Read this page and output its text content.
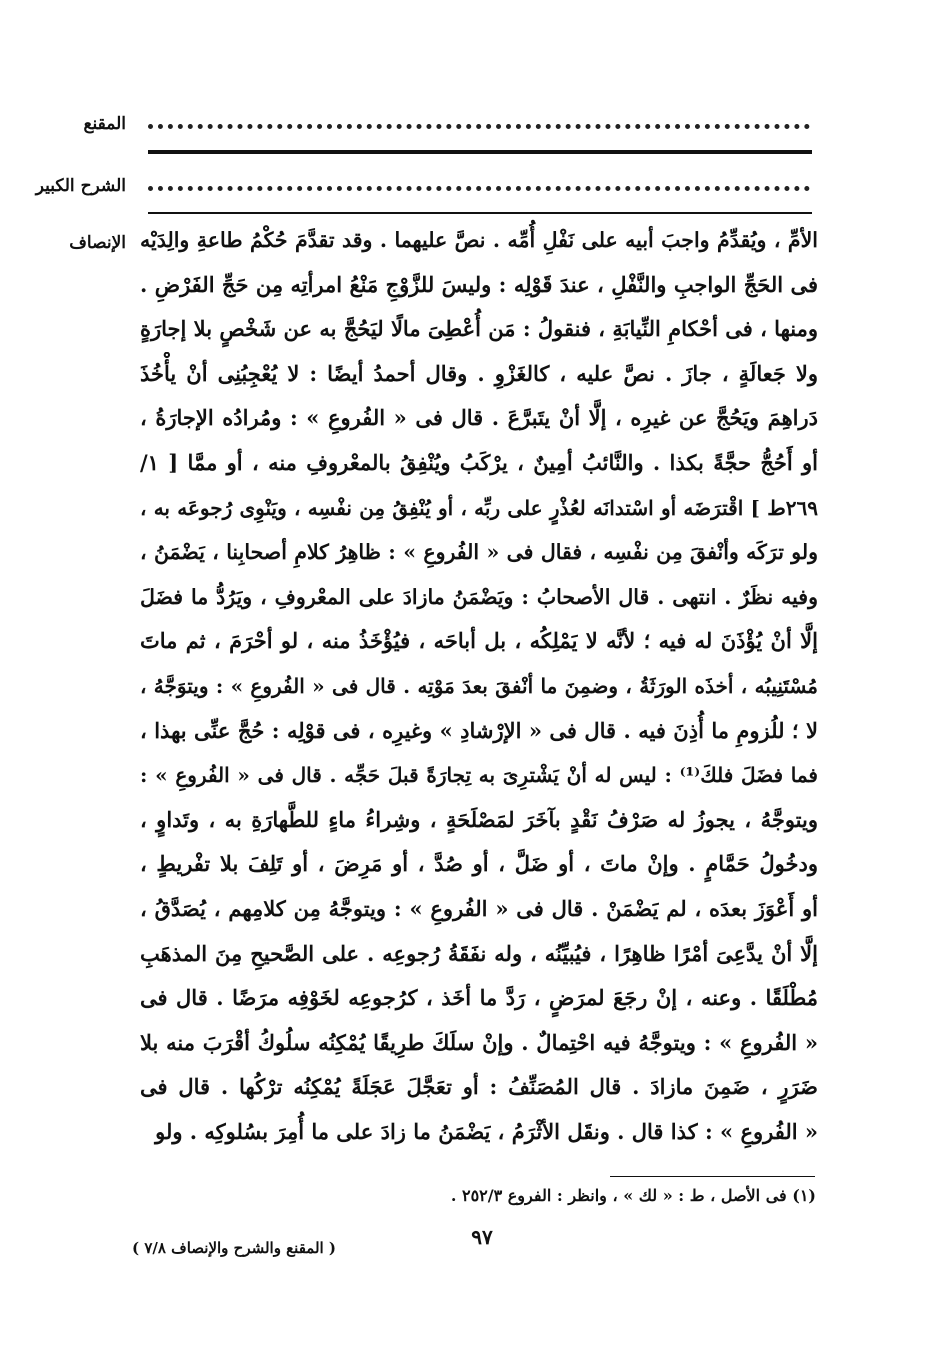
المقنع
الشرح الكبير
الإنصاف الأمِّ ، ويُقدِّمُ واجبَ أبيه على نَفْلِ أُمِّه . نصَّ عليهما . وقد تقدَّمَ حُكْمُ طاعةِ والِدَيْه
فى الحَجِّ الواجبِ والنَّفْلِ ، عندَ قَوْلِه : وليسَ للزَّوْجِ مَنْعُ امرأتِه مِن حَجِّ الفَرْضِ .
ومنها ، فى أحْكامِ النِّيابَةِ ، فنقولُ : مَن أُعْطِىَ مالًا ليَحُجَّ به عن شَخْصٍ بلا إجارَةٍ
ولا جَعالَةٍ ، جازَ . نصَّ عليه ، كالغَزْوِ . وقال أحمدُ أيضًا : لا يُعْجِبُنِى أنْ يأْخُذَ
دَراهِمَ ويَحُجَّ عن غيرِه ، إلَّا أنْ يتَبرَّعَ . قال فى « الفُروعِ » : ومُرادُه الإجارَةُ ،
أو أَحُجُّ حجَّةً بكذا . والنَّائبُ أمِينٌ ، يرْكَبُ ويُنْفِقُ بالمعْروفِ منه ، أو ممَّا [ ١/
٢٦٩ط ] اقْترَضَه أو اسْتدانَه لعُذْرٍ على ربِّه ، أو يُنْفِقُ مِن نفْسِه ، ويَنْوِى رُجوعَه به ،
ولو ترَكَه وأنْفقَ مِن نفْسِه ، فقال فى « الفُروعِ » : ظاهِرُ كلامِ أصحابِنا ، يَضْمَنُ ،
وفيه نظَرٌ . انتهى . قال الأصحابُ : ويَضْمَنُ مازادَ على المعْروفِ ، ويَرُدُّ ما فضَلَ
إلَّا أنْ يُؤْذَنَ له فيه ؛ لأنَّه لا يَمْلِكُه ، بل أباحَه ، فيُؤْخَذُ منه ، لو أحْرَمَ ، ثم ماتَ
مُسْتَنِيبُه ، أخذَه الورَثَةُ ، وضمِنَ ما أنْفقَ بعدَ مَوْتِه . قال فى « الفُروعِ » : ويتوَجَّهُ ،
لا ؛ للُزومِ ما أُذِنَ فيه . قال فى « الإرْشادِ » وغيرِه ، فى قوْلِه : حُجَّ عنِّى بهذا ،
فما فضَلَ فلكَ⁽¹⁾ : ليس له أنْ يَشْترِىَ به تِجارَةً قبلَ حَجِّه . قال فى « الفُروعِ » :
ويتوجَّهُ ، يجوزُ له صَرْفُ نَقْدٍ بآخَرَ لمَصْلَحَةٍ ، وشِراءُ ماءٍ للطَّهارَةِ به ، وتَداوٍ ،
ودخُولُ حَمَّامٍ . وإنْ ماتَ ، أو ضَلَّ ، أو صُدَّ ، أو مَرِضَ ، أو تَلِفَ بلا تفْريطٍ ،
أو أَعْوَزَ بعدَه ، لم يَضْمَنْ . قال فى « الفُروعِ » : ويتوجَّهُ مِن كلامِهم ، يُصَدَّقُ ،
إلَّا أنْ يدَّعِىَ أمْرًا ظاهِرًا ، فيُبيِّنُه ، وله نفَقَةُ رُجوعِه . على الصَّحيحِ مِنَ المذهَبِ
مُطْلَقًا . وعنه ، إنْ رجَعَ لمرَضٍ ، رَدَّ ما أخَذ ، كرُجوعِه لخَوْفِه مرَضًا . قال فى
« الفُروعِ » : ويتوجَّهُ فيه احْتِمالٌ . وإنْ سلَكَ طرِيقًا يُمْكِنُه سلُوكُ أقْرَبَ منه بلا
ضَرَرٍ ، ضَمِنَ مازادَ . قال المُصَنِّفُ : أو تعَجَّلَ عَجَلَةً يُمْكِنُه ترْكُها . قال فى
« الفُروعِ » : كذا قال . ونقَل الأثْرَمُ ، يَضْمَنُ ما زادَ على ما أُمِرَ بسُلوكِه . ولو
(١) فى الأصل ، ط : « لك » ، وانظر : الفروع ٢٥٢/٣ .
٩٧
( المقنع والشرح والإنصاف ٧/٨ )
